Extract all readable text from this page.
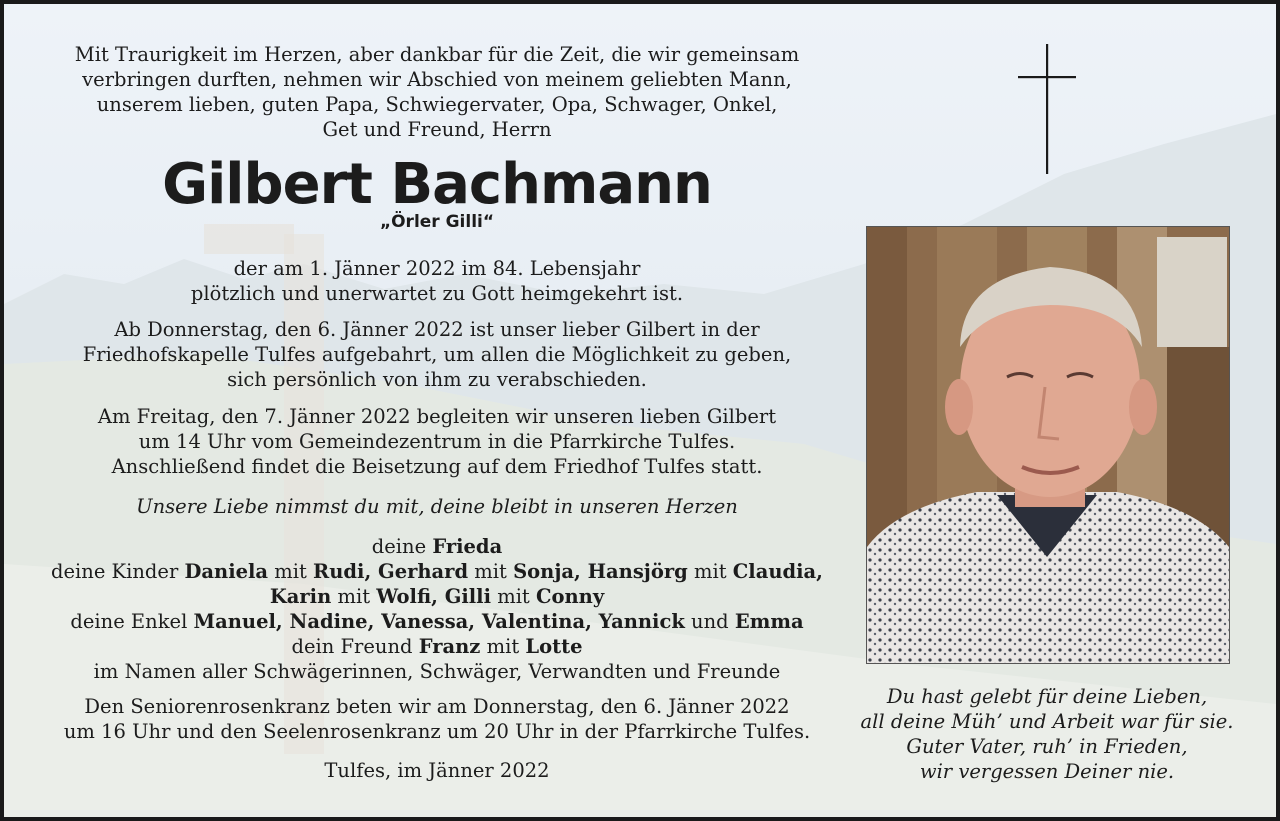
Mit Traurigkeit im Herzen, aber dankbar für die Zeit, die wir gemeinsam

verbringen durften, nehmen wir Abschied von meinem geliebten Mann,

unserem lieben, guten Papa, Schwiegervater, Opa, Schwager, Onkel,

Get und Freund, Herrn

Gilbert Bachmann

„Örler Gilli“

der am 1. Jänner 2022 im 84. Lebensjahr

plötzlich und unerwartet zu Gott heimgekehrt ist.

Ab Donnerstag, den 6. Jänner 2022 ist unser lieber Gilbert in der

Friedhofskapelle Tulfes aufgebahrt, um allen die Möglichkeit zu geben,

sich persönlich von ihm zu verabschieden.

Am Freitag, den 7. Jänner 2022 begleiten wir unseren lieben Gilbert

um 14 Uhr vom Gemeindezentrum in die Pfarrkirche Tulfes.

Anschließend findet die Beisetzung auf dem Friedhof Tulfes statt.

Unsere Liebe nimmst du mit, deine bleibt in unseren Herzen

deine Frieda

deine Kinder Daniela mit Rudi, Gerhard mit Sonja, Hansjörg mit Claudia,

Karin mit Wolfi, Gilli mit Conny

deine Enkel Manuel, Nadine, Vanessa, Valentina, Yannick und Emma

dein Freund Franz mit Lotte

im Namen aller Schwägerinnen, Schwäger, Verwandten und Freunde

Den Seniorenrosenkranz beten wir am Donnerstag, den 6. Jänner 2022

um 16 Uhr und den Seelenrosenkranz um 20 Uhr in der Pfarrkirche Tulfes.

Tulfes, im Jänner 2022

Du hast gelebt für deine Lieben,

all deine Müh’ und Arbeit war für sie.

Guter Vater, ruh’ in Frieden,

wir vergessen Deiner nie.
